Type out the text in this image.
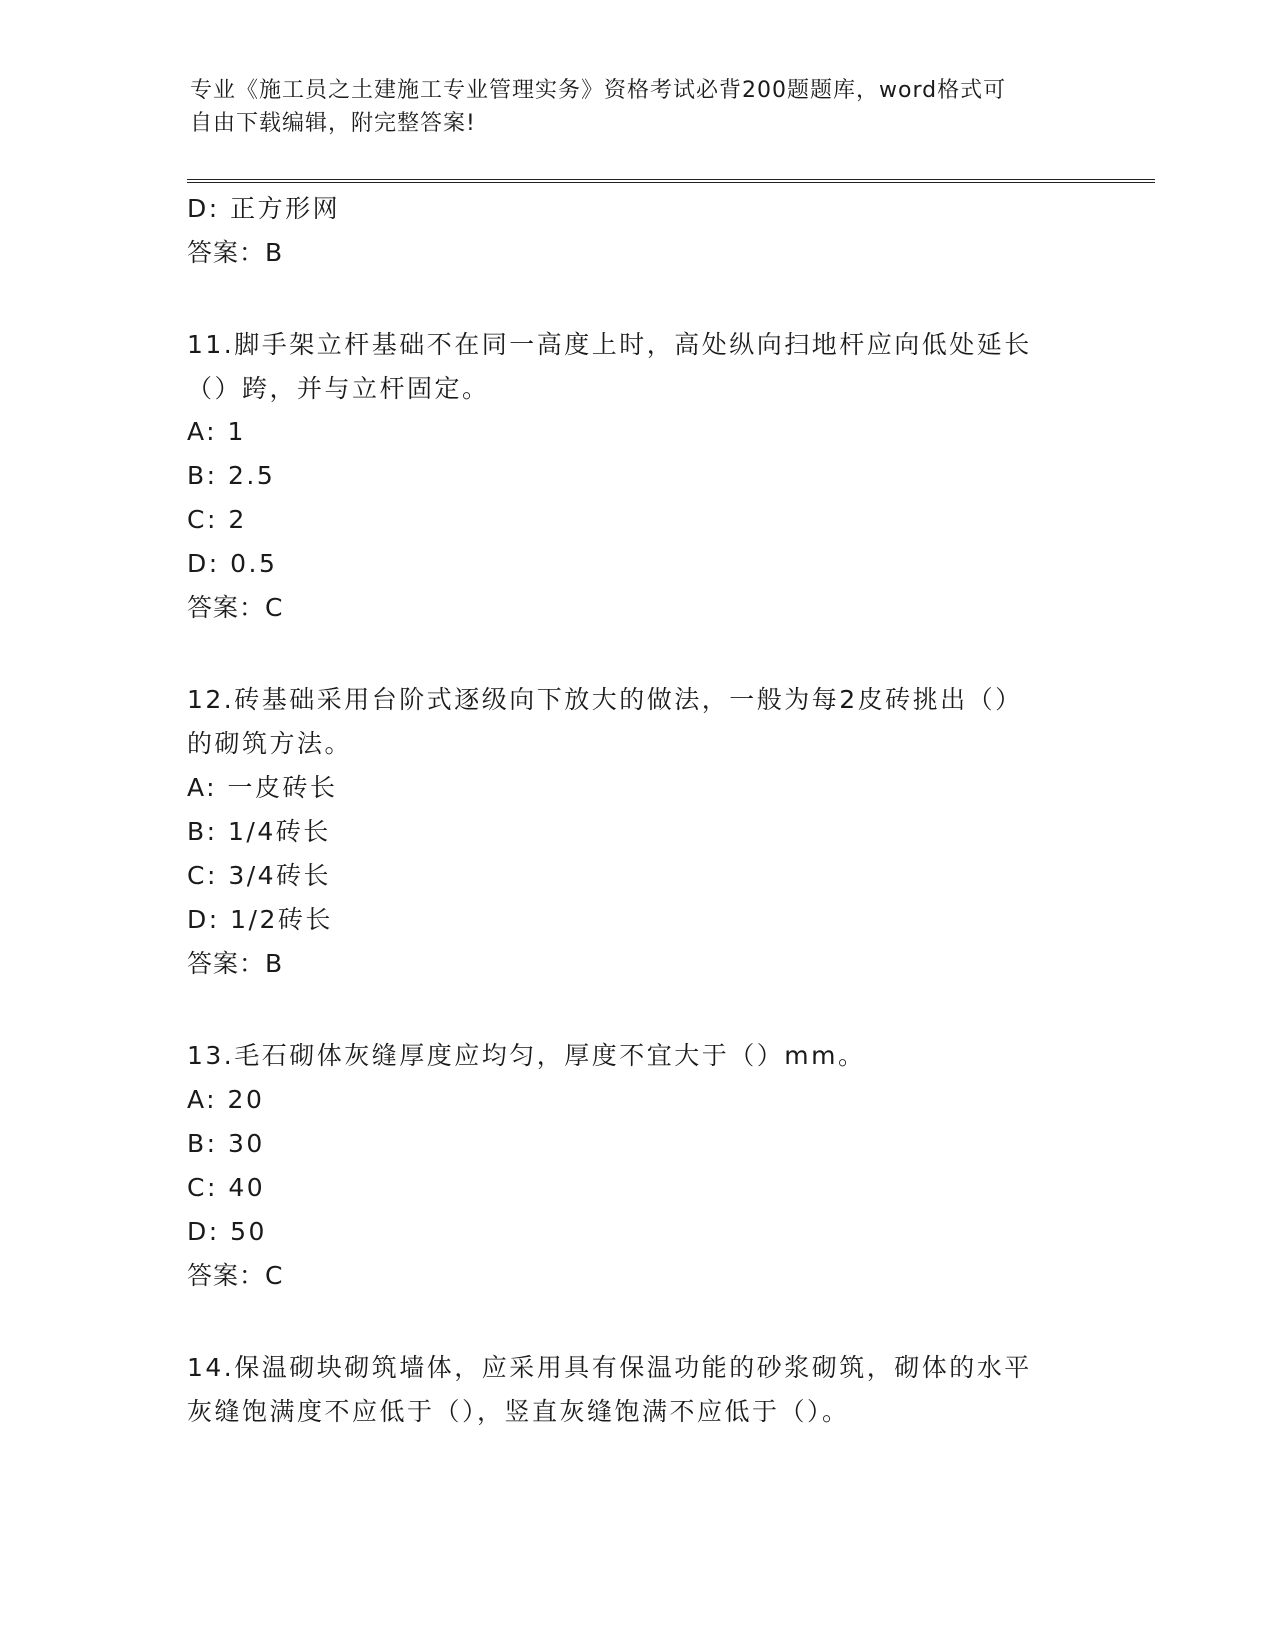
专业《施工员之土建施工专业管理实务》资格考试必背200题题库，word格式可
自由下载编辑，附完整答案!
D: 正方形网
答案：B
11.脚手架立杆基础不在同一高度上时，高处纵向扫地杆应向低处延长
（）跨，并与立杆固定。
A: 1
B: 2.5
C: 2
D: 0.5
答案：C
12.砖基础采用台阶式逐级向下放大的做法，一般为每2皮砖挑出（）
的砌筑方法。
A: 一皮砖长
B: 1/4砖长
C: 3/4砖长
D: 1/2砖长
答案：B
13.毛石砌体灰缝厚度应均匀，厚度不宜大于（）mm。
A: 20
B: 30
C: 40
D: 50
答案：C
14.保温砌块砌筑墙体，应采用具有保温功能的砂浆砌筑，砌体的水平
灰缝饱满度不应低于（），竖直灰缝饱满不应低于（）。
